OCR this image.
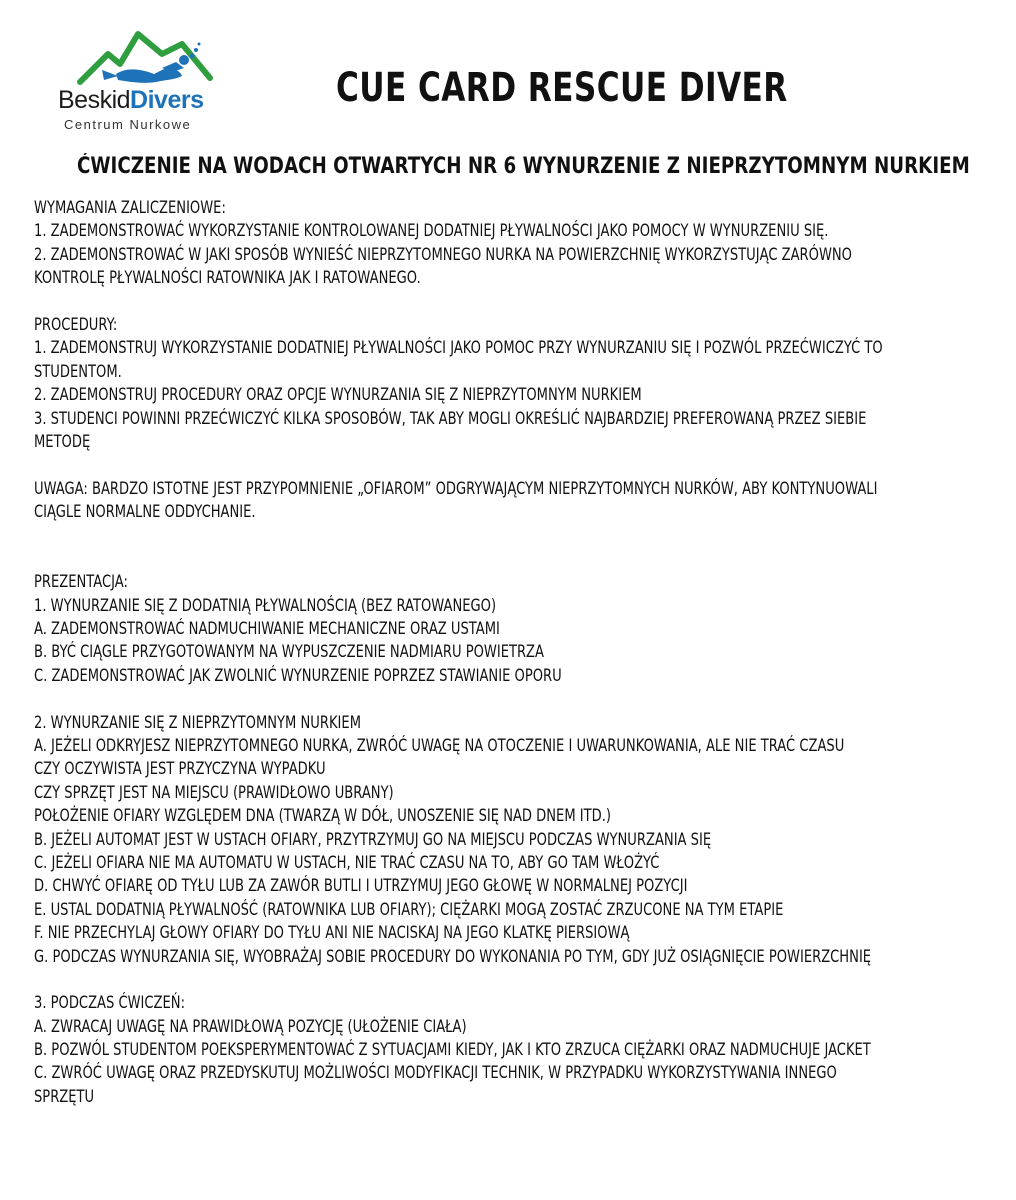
BeskidDivers
Centrum Nurkowe
CUE CARD RESCUE DIVER
ĆWICZENIE NA WODACH OTWARTYCH NR 6 WYNURZENIE Z NIEPRZYTOMNYM NURKIEM
WYMAGANIA ZALICZENIOWE:
1. ZADEMONSTROWAĆ WYKORZYSTANIE KONTROLOWANEJ DODATNIEJ PŁYWALNOŚCI JAKO POMOCY W WYNURZENIU SIĘ.
2. ZADEMONSTROWAĆ W JAKI SPOSÓB WYNIEŚĆ NIEPRZYTOMNEGO NURKA NA POWIERZCHNIĘ WYKORZYSTUJĄC ZARÓWNO
KONTROLĘ PŁYWALNOŚCI RATOWNIKA JAK I RATOWANEGO.
PROCEDURY:
1. ZADEMONSTRUJ WYKORZYSTANIE DODATNIEJ PŁYWALNOŚCI JAKO POMOC PRZY WYNURZANIU SIĘ I POZWÓL PRZEĆWICZYĆ TO
STUDENTOM.
2. ZADEMONSTRUJ PROCEDURY ORAZ OPCJE WYNURZANIA SIĘ Z NIEPRZYTOMNYM NURKIEM
3. STUDENCI POWINNI PRZEĆWICZYĆ KILKA SPOSOBÓW, TAK ABY MOGLI OKREŚLIĆ NAJBARDZIEJ PREFEROWANĄ PRZEZ SIEBIE
METODĘ
UWAGA: BARDZO ISTOTNE JEST PRZYPOMNIENIE „OFIAROM” ODGRYWAJĄCYM NIEPRZYTOMNYCH NURKÓW, ABY KONTYNUOWALI
CIĄGLE NORMALNE ODDYCHANIE.
PREZENTACJA:
1. WYNURZANIE SIĘ Z DODATNIĄ PŁYWALNOŚCIĄ (BEZ RATOWANEGO)
A. ZADEMONSTROWAĆ NADMUCHIWANIE MECHANICZNE ORAZ USTAMI
B. BYĆ CIĄGLE PRZYGOTOWANYM NA WYPUSZCZENIE NADMIARU POWIETRZA
C. ZADEMONSTROWAĆ JAK ZWOLNIĆ WYNURZENIE POPRZEZ STAWIANIE OPORU
2. WYNURZANIE SIĘ Z NIEPRZYTOMNYM NURKIEM
A. JEŻELI ODKRYJESZ NIEPRZYTOMNEGO NURKA, ZWRÓĆ UWAGĘ NA OTOCZENIE I UWARUNKOWANIA, ALE NIE TRAĆ CZASU
CZY OCZYWISTA JEST PRZYCZYNA WYPADKU
CZY SPRZĘT JEST NA MIEJSCU (PRAWIDŁOWO UBRANY)
POŁOŻENIE OFIARY WZGLĘDEM DNA (TWARZĄ W DÓŁ, UNOSZENIE SIĘ NAD DNEM ITD.)
B. JEŻELI AUTOMAT JEST W USTACH OFIARY, PRZYTRZYMUJ GO NA MIEJSCU PODCZAS WYNURZANIA SIĘ
C. JEŻELI OFIARA NIE MA AUTOMATU W USTACH, NIE TRAĆ CZASU NA TO, ABY GO TAM WŁOŻYĆ
D. CHWYĆ OFIARĘ OD TYŁU LUB ZA ZAWÓR BUTLI I UTRZYMUJ JEGO GŁOWĘ W NORMALNEJ POZYCJI
E. USTAL DODATNIĄ PŁYWALNOŚĆ (RATOWNIKA LUB OFIARY); CIĘŻARKI MOGĄ ZOSTAĆ ZRZUCONE NA TYM ETAPIE
F. NIE PRZECHYLAJ GŁOWY OFIARY DO TYŁU ANI NIE NACISKAJ NA JEGO KLATKĘ PIERSIOWĄ
G. PODCZAS WYNURZANIA SIĘ, WYOBRAŻAJ SOBIE PROCEDURY DO WYKONANIA PO TYM, GDY JUŻ OSIĄGNIĘCIE POWIERZCHNIĘ
3. PODCZAS ĆWICZEŃ:
A. ZWRACAJ UWAGĘ NA PRAWIDŁOWĄ POZYCJĘ (UŁOŻENIE CIAŁA)
B. POZWÓL STUDENTOM POEKSPERYMENTOWAĆ Z SYTUACJAMI KIEDY, JAK I KTO ZRZUCA CIĘŻARKI ORAZ NADMUCHUJE JACKET
C. ZWRÓĆ UWAGĘ ORAZ PRZEDYSKUTUJ MOŻLIWOŚCI MODYFIKACJI TECHNIK, W PRZYPADKU WYKORZYSTYWANIA INNEGO
SPRZĘTU
